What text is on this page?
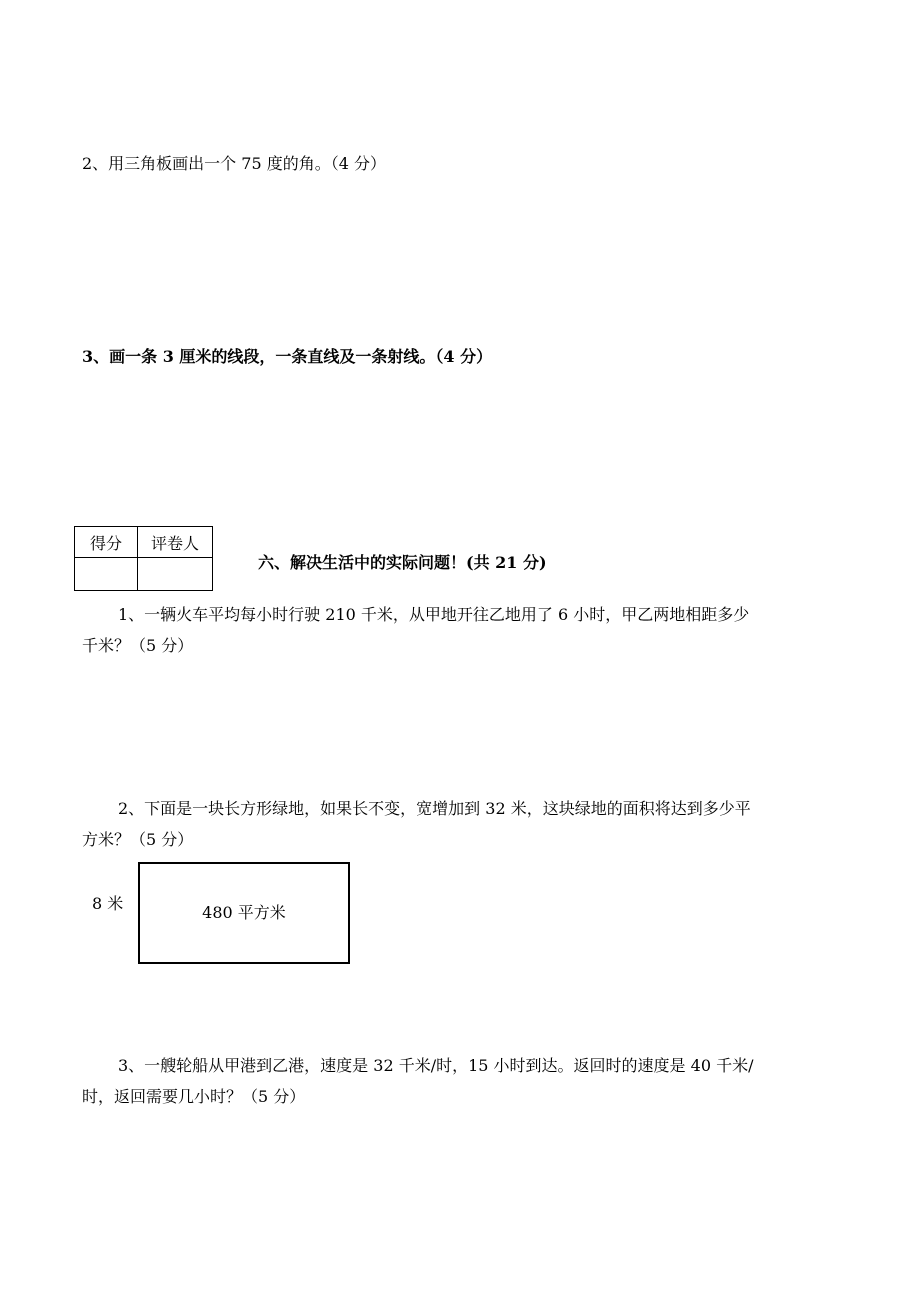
2、用三角板画出一个 75 度的角。（4 分）
3、画一条 3 厘米的线段，一条直线及一条射线。（4 分）
得分	评卷人

六、解决生活中的实际问题！(共 21 分)
1、一辆火车平均每小时行驶 210 千米，从甲地开往乙地用了 6 小时，甲乙两地相距多少
千米？（5 分）
2、下面是一块长方形绿地，如果长不变，宽增加到 32 米，这块绿地的面积将达到多少平
方米？（5 分）
8 米	480 平方米
3、一艘轮船从甲港到乙港，速度是 32 千米/时，15 小时到达。返回时的速度是 40 千米/
时，返回需要几小时？（5 分）
